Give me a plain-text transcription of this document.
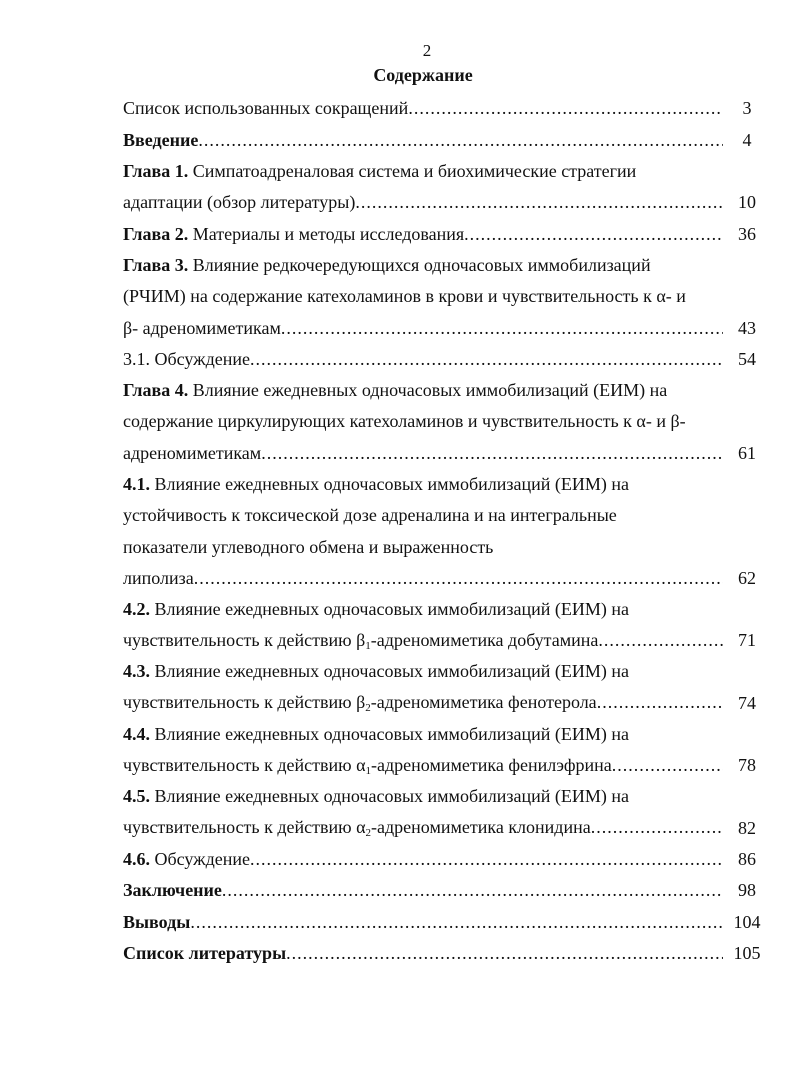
2
Содержание
Список использованных сокращений .....	3
Введение .....	4
Глава 1. Симпатоадреналовая система и биохимические стратегии
адаптации (обзор литературы) .....	10
Глава 2. Материалы и методы исследования .....	36
Глава 3. Влияние редкочередующихся одночасовых иммобилизаций
(РЧИМ) на содержание катехоламинов в крови и чувствительность к α- и
β- адреномиметикам .....	43
3.1. Обсуждение .....	54
Глава 4. Влияние ежедневных одночасовых иммобилизаций (ЕИМ) на
содержание циркулирующих катехоламинов и чувствительность к α- и β-
адреномиметикам .....	61
4.1. Влияние ежедневных одночасовых иммобилизаций (ЕИМ) на
устойчивость к токсической дозе адреналина и на интегральные
показатели углеводного обмена и выраженность
липолиза .....	62
4.2. Влияние ежедневных одночасовых иммобилизаций (ЕИМ) на
чувствительность к действию $\beta_1$-адреномиметика добутамина .....	71
4.3. Влияние ежедневных одночасовых иммобилизаций (ЕИМ) на
чувствительность к действию $\beta_2$-адреномиметика фенотерола .....	74
4.4. Влияние ежедневных одночасовых иммобилизаций (ЕИМ) на
чувствительность к действию $\alpha_1$-адреномиметика фенилэфрина .....	78
4.5. Влияние ежедневных одночасовых иммобилизаций (ЕИМ) на
чувствительность к действию $\alpha_2$-адреномиметика клонидина .....	82
4.6. Обсуждение .....	86
Заключение .....	98
Выводы .....	104
Список литературы .....	105
